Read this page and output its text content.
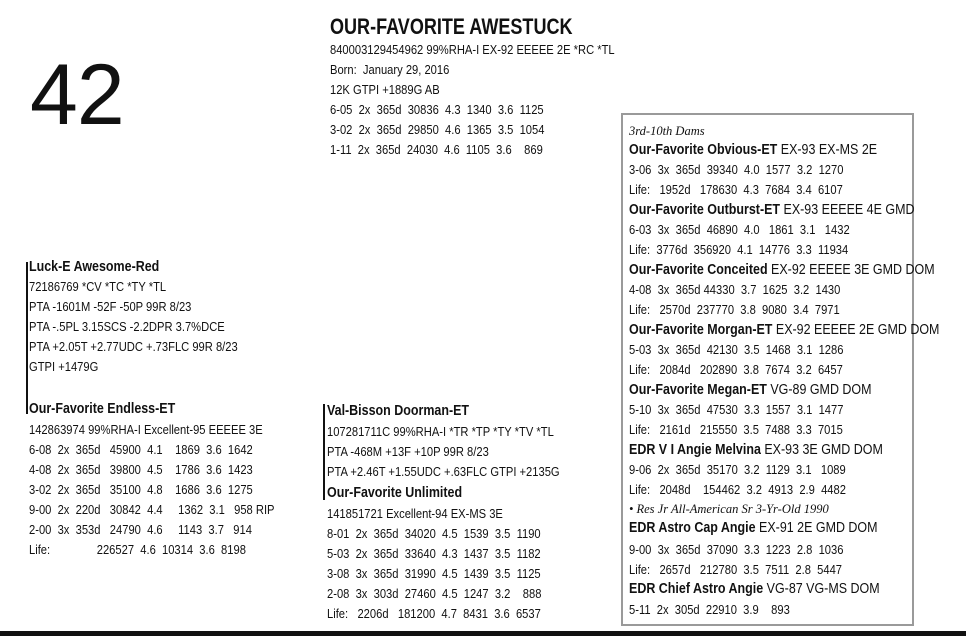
42
OUR-FAVORITE AWESTUCK
840003129454962 99%RHA-I EX-92 EEEEE 2E *RC *TL
Born:  January 29, 2016
12K GTPI +1889G AB
6-05  2x  365d  30836  4.3  1340  3.6  1125
3-02  2x  365d  29850  4.6  1365  3.5  1054
1-11  2x  365d  24030  4.6  1105  3.6    869
Luck-E Awesome-Red
72186769 *CV *TC *TY *TL
PTA -1601M -52F -50P 99R 8/23
PTA -.5PL 3.15SCS -2.2DPR 3.7%DCE
PTA +2.05T +2.77UDC +.73FLC 99R 8/23
GTPI +1479G
Our-Favorite Endless-ET
142863974 99%RHA-I Excellent-95 EEEEE 3E
6-08  2x  365d   45900  4.1    1869  3.6  1642
4-08  2x  365d   39800  4.5    1786  3.6  1423
3-02  2x  365d   35100  4.8    1686  3.6  1275
9-00  2x  220d   30842  4.4     1362  3.1   958 RIP
2-00  3x  353d   24790  4.6     1143  3.7   914
Life:               226527  4.6  10314  3.6  8198
Val-Bisson Doorman-ET
107281711C 99%RHA-I *TR *TP *TY *TV *TL
PTA -468M +13F +10P 99R 8/23
PTA +2.46T +1.55UDC +.63FLC GTPI +2135G
Our-Favorite Unlimited
141851721 Excellent-94 EX-MS 3E
8-01  2x  365d  34020  4.5  1539  3.5  1190
5-03  2x  365d  33640  4.3  1437  3.5  1182
3-08  3x  365d  31990  4.5  1439  3.5  1125
2-08  3x  303d  27460  4.5  1247  3.2    888
Life:   2206d   181200  4.7  8431  3.6  6537
3rd-10th Dams
Our-Favorite Obvious-ET EX-93 EX-MS 2E
3-06  3x  365d  39340  4.0  1577  3.2  1270
Life:   1952d   178630  4.3  7684  3.4  6107
Our-Favorite Outburst-ET EX-93 EEEEE 4E GMD
6-03  3x  365d  46890  4.0   1861  3.1   1432
Life:  3776d  356920  4.1  14776  3.3  11934
Our-Favorite Conceited EX-92 EEEEE 3E GMD DOM
4-08  3x  365d 44330  3.7  1625  3.2  1430
Life:   2570d  237770  3.8  9080  3.4  7971
Our-Favorite Morgan-ET EX-92 EEEEE 2E GMD DOM
5-03  3x  365d  42130  3.5  1468  3.1  1286
Life:   2084d   202890  3.8  7674  3.2  6457
Our-Favorite Megan-ET VG-89 GMD DOM
5-10  3x  365d  47530  3.3  1557  3.1  1477
Life:   2161d   215550  3.5  7488  3.3  7015
EDR V I Angie Melvina EX-93 3E GMD DOM
9-06  2x  365d  35170  3.2  1129  3.1   1089
Life:   2048d    154462  3.2  4913  2.9  4482
• Res Jr All-American Sr 3-Yr-Old 1990
EDR Astro Cap Angie EX-91 2E GMD DOM
9-00  3x  365d  37090  3.3  1223  2.8  1036
Life:   2657d   212780  3.5  7511  2.8  5447
EDR Chief Astro Angie VG-87 VG-MS DOM
5-11  2x  305d  22910  3.9    893
